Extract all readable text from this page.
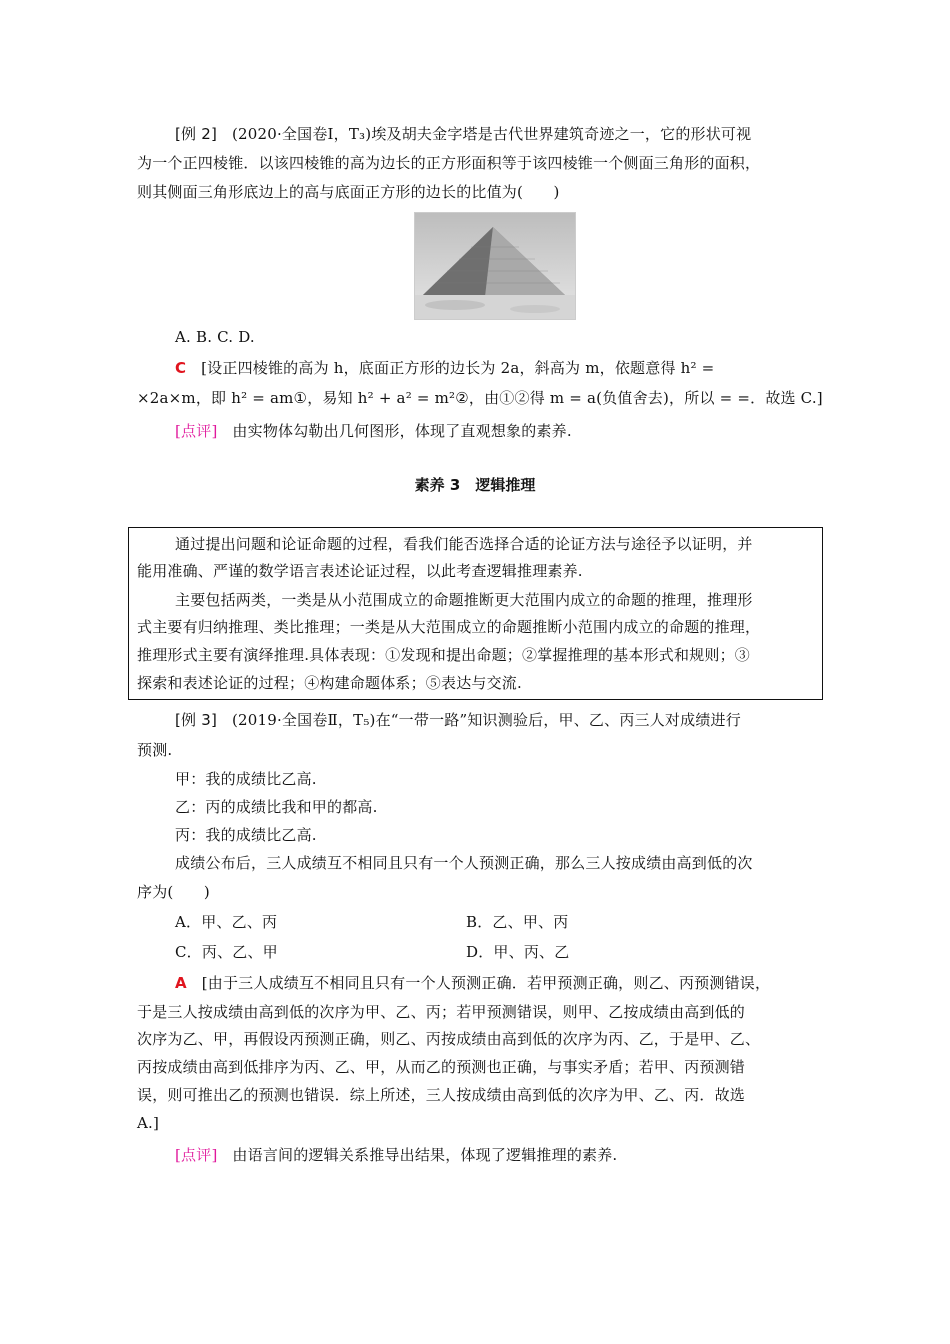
[例 2] (2020·全国卷Ⅰ，T₃)埃及胡夫金字塔是古代世界建筑奇迹之一，它的形状可视
为一个正四棱锥．以该四棱锥的高为边长的正方形面积等于该四棱锥一个侧面三角形的面积，
则其侧面三角形底边上的高与底面正方形的边长的比值为(　　)
A. B. C. D.
C [设正四棱锥的高为 h，底面正方形的边长为 2a，斜高为 m，依题意得 h² =
×2a×m，即 h² = am①，易知 h² + a² = m²②，由①②得 m = a(负值舍去)，所以 = =．故选 C.]
[点评] 由实物体勾勒出几何图形，体现了直观想象的素养.
素养 3　逻辑推理
通过提出问题和论证命题的过程，看我们能否选择合适的论证方法与途径予以证明，并
能用准确、严谨的数学语言表述论证过程，以此考查逻辑推理素养.
主要包括两类，一类是从小范围成立的命题推断更大范围内成立的命题的推理，推理形
式主要有归纳推理、类比推理；一类是从大范围成立的命题推断小范围内成立的命题的推理，
推理形式主要有演绎推理.具体表现：①发现和提出命题；②掌握推理的基本形式和规则；③
探索和表述论证的过程；④构建命题体系；⑤表达与交流.
[例 3] (2019·全国卷Ⅱ，T₅)在“一带一路”知识测验后，甲、乙、丙三人对成绩进行
预测.
甲：我的成绩比乙高.
乙：丙的成绩比我和甲的都高.
丙：我的成绩比乙高.
成绩公布后，三人成绩互不相同且只有一个人预测正确，那么三人按成绩由高到低的次
序为(　　)
A．甲、乙、丙	B．乙、甲、丙
C．丙、乙、甲	D．甲、丙、乙
A [由于三人成绩互不相同且只有一个人预测正确．若甲预测正确，则乙、丙预测错误，
于是三人按成绩由高到低的次序为甲、乙、丙；若甲预测错误，则甲、乙按成绩由高到低的
次序为乙、甲，再假设丙预测正确，则乙、丙按成绩由高到低的次序为丙、乙，于是甲、乙、
丙按成绩由高到低排序为丙、乙、甲，从而乙的预测也正确，与事实矛盾；若甲、丙预测错
误，则可推出乙的预测也错误．综上所述，三人按成绩由高到低的次序为甲、乙、丙．故选
A.]
[点评] 由语言间的逻辑关系推导出结果，体现了逻辑推理的素养.
